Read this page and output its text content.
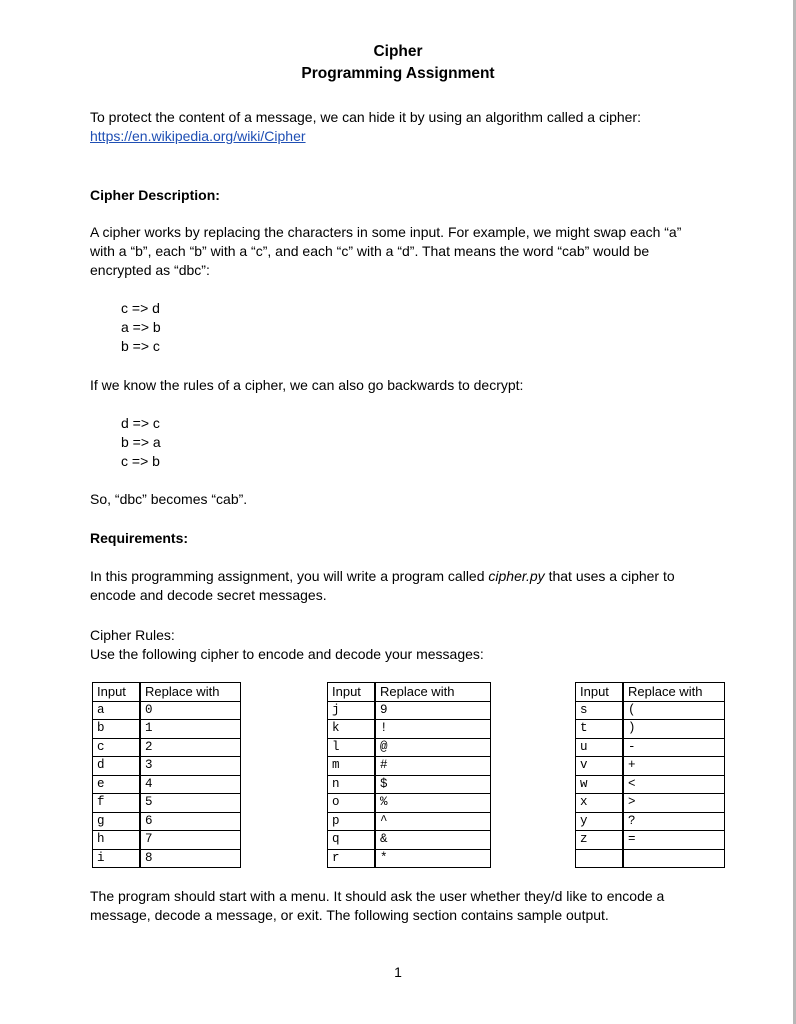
Cipher
Programming Assignment
To protect the content of a message, we can hide it by using an algorithm called a cipher:
https://en.wikipedia.org/wiki/Cipher
Cipher Description:
A cipher works by replacing the characters in some input. For example, we might swap each “a”
with a “b”, each “b” with a “c”, and each “c” with a “d”. That means the word “cab” would be
encrypted as “dbc”:
c => d
a => b
b => c
If we know the rules of a cipher, we can also go backwards to decrypt:
d => c
b => a
c => b
So, “dbc” becomes “cab”.
Requirements:
In this programming assignment, you will write a program called cipher.py that uses a cipher to
encode and decode secret messages.
Cipher Rules:
Use the following cipher to encode and decode your messages:
Input	Replace with
a	0
b	1
c	2
d	3
e	4
f	5
g	6
h	7
i	8
Input	Replace with
j	9
k	!
l	@
m	#
n	$
o	%
p	^
q	&
r	*
Input	Replace with
s	(
t	)
u	-
v	+
w	<
x	>
y	?
z	=

The program should start with a menu. It should ask the user whether they/d like to encode a
message, decode a message, or exit. The following section contains sample output.
1
